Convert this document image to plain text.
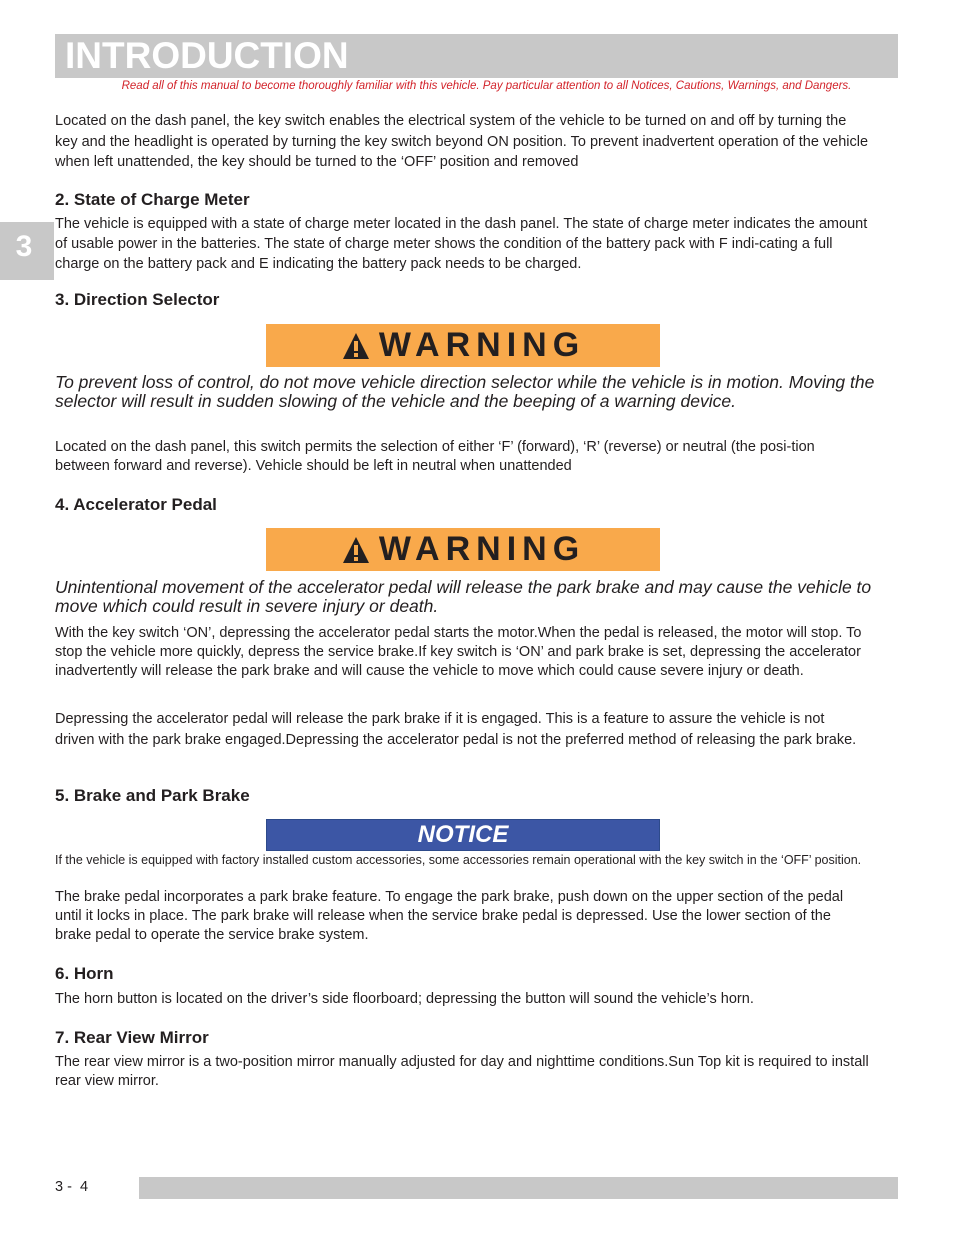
INTRODUCTION
Read all of this manual to become thoroughly familiar with this vehicle. Pay particular attention to all Notices, Cautions, Warnings, and Dangers.
3

Located on the dash panel, the key switch enables the electrical system of the vehicle to be turned on and off by turning the key and the headlight is operated by turning the key switch beyond ON position. To prevent inadvertent operation of the vehicle when left unattended, the key should be turned to the ‘OFF’ position and removed

2. State of Charge Meter

The vehicle is equipped with a state of charge meter located in the dash panel. The state of charge meter indicates the amount of usable power in the batteries. The state of charge meter shows the condition of the battery pack with F indi-cating a full charge on the battery pack and E indicating the battery pack needs to be charged.

3. Direction Selector
WARNING
To prevent loss of control, do not move vehicle direction selector while the vehicle is in motion. Moving the selector will result in sudden slowing of the vehicle and the beeping of a warning device.

Located on the dash panel, this switch permits the selection of either ‘F’ (forward), ‘R’ (reverse) or neutral (the posi-tion between forward and reverse). Vehicle should be left in neutral when unattended

4. Accelerator Pedal
WARNING
Unintentional movement of the accelerator pedal will release the park brake and may cause the vehicle to move which could result in severe injury or death.

With the key switch ‘ON’, depressing the accelerator pedal starts the motor.When the pedal is released, the motor will stop. To stop the vehicle more quickly, depress the service brake.If key switch is ‘ON’ and park brake is set, depressing the accelerator inadvertently will release the park brake and will cause the vehicle to move which could cause severe injury or death.

Depressing the accelerator pedal will release the park brake if it is engaged. This is a feature to assure the vehicle is not driven with the park brake engaged.Depressing the accelerator pedal is not the preferred method of releasing the park brake.

5. Brake and Park Brake
NOTICE
If the vehicle is equipped with factory installed custom accessories, some accessories remain operational with the key switch in the ‘OFF’ position.

The brake pedal incorporates a park brake feature. To engage the park brake, push down on the upper section of the pedal until it locks in place. The park brake will release when the service brake pedal is depressed. Use the lower section of the brake pedal to operate the service brake system.

6. Horn

The horn button is located on the driver’s side floorboard; depressing the button will sound the vehicle’s horn.

7. Rear View Mirror

The rear view mirror is a two-position mirror manually adjusted for day and nighttime conditions.Sun Top kit is required to install rear view mirror.

3 -  4
